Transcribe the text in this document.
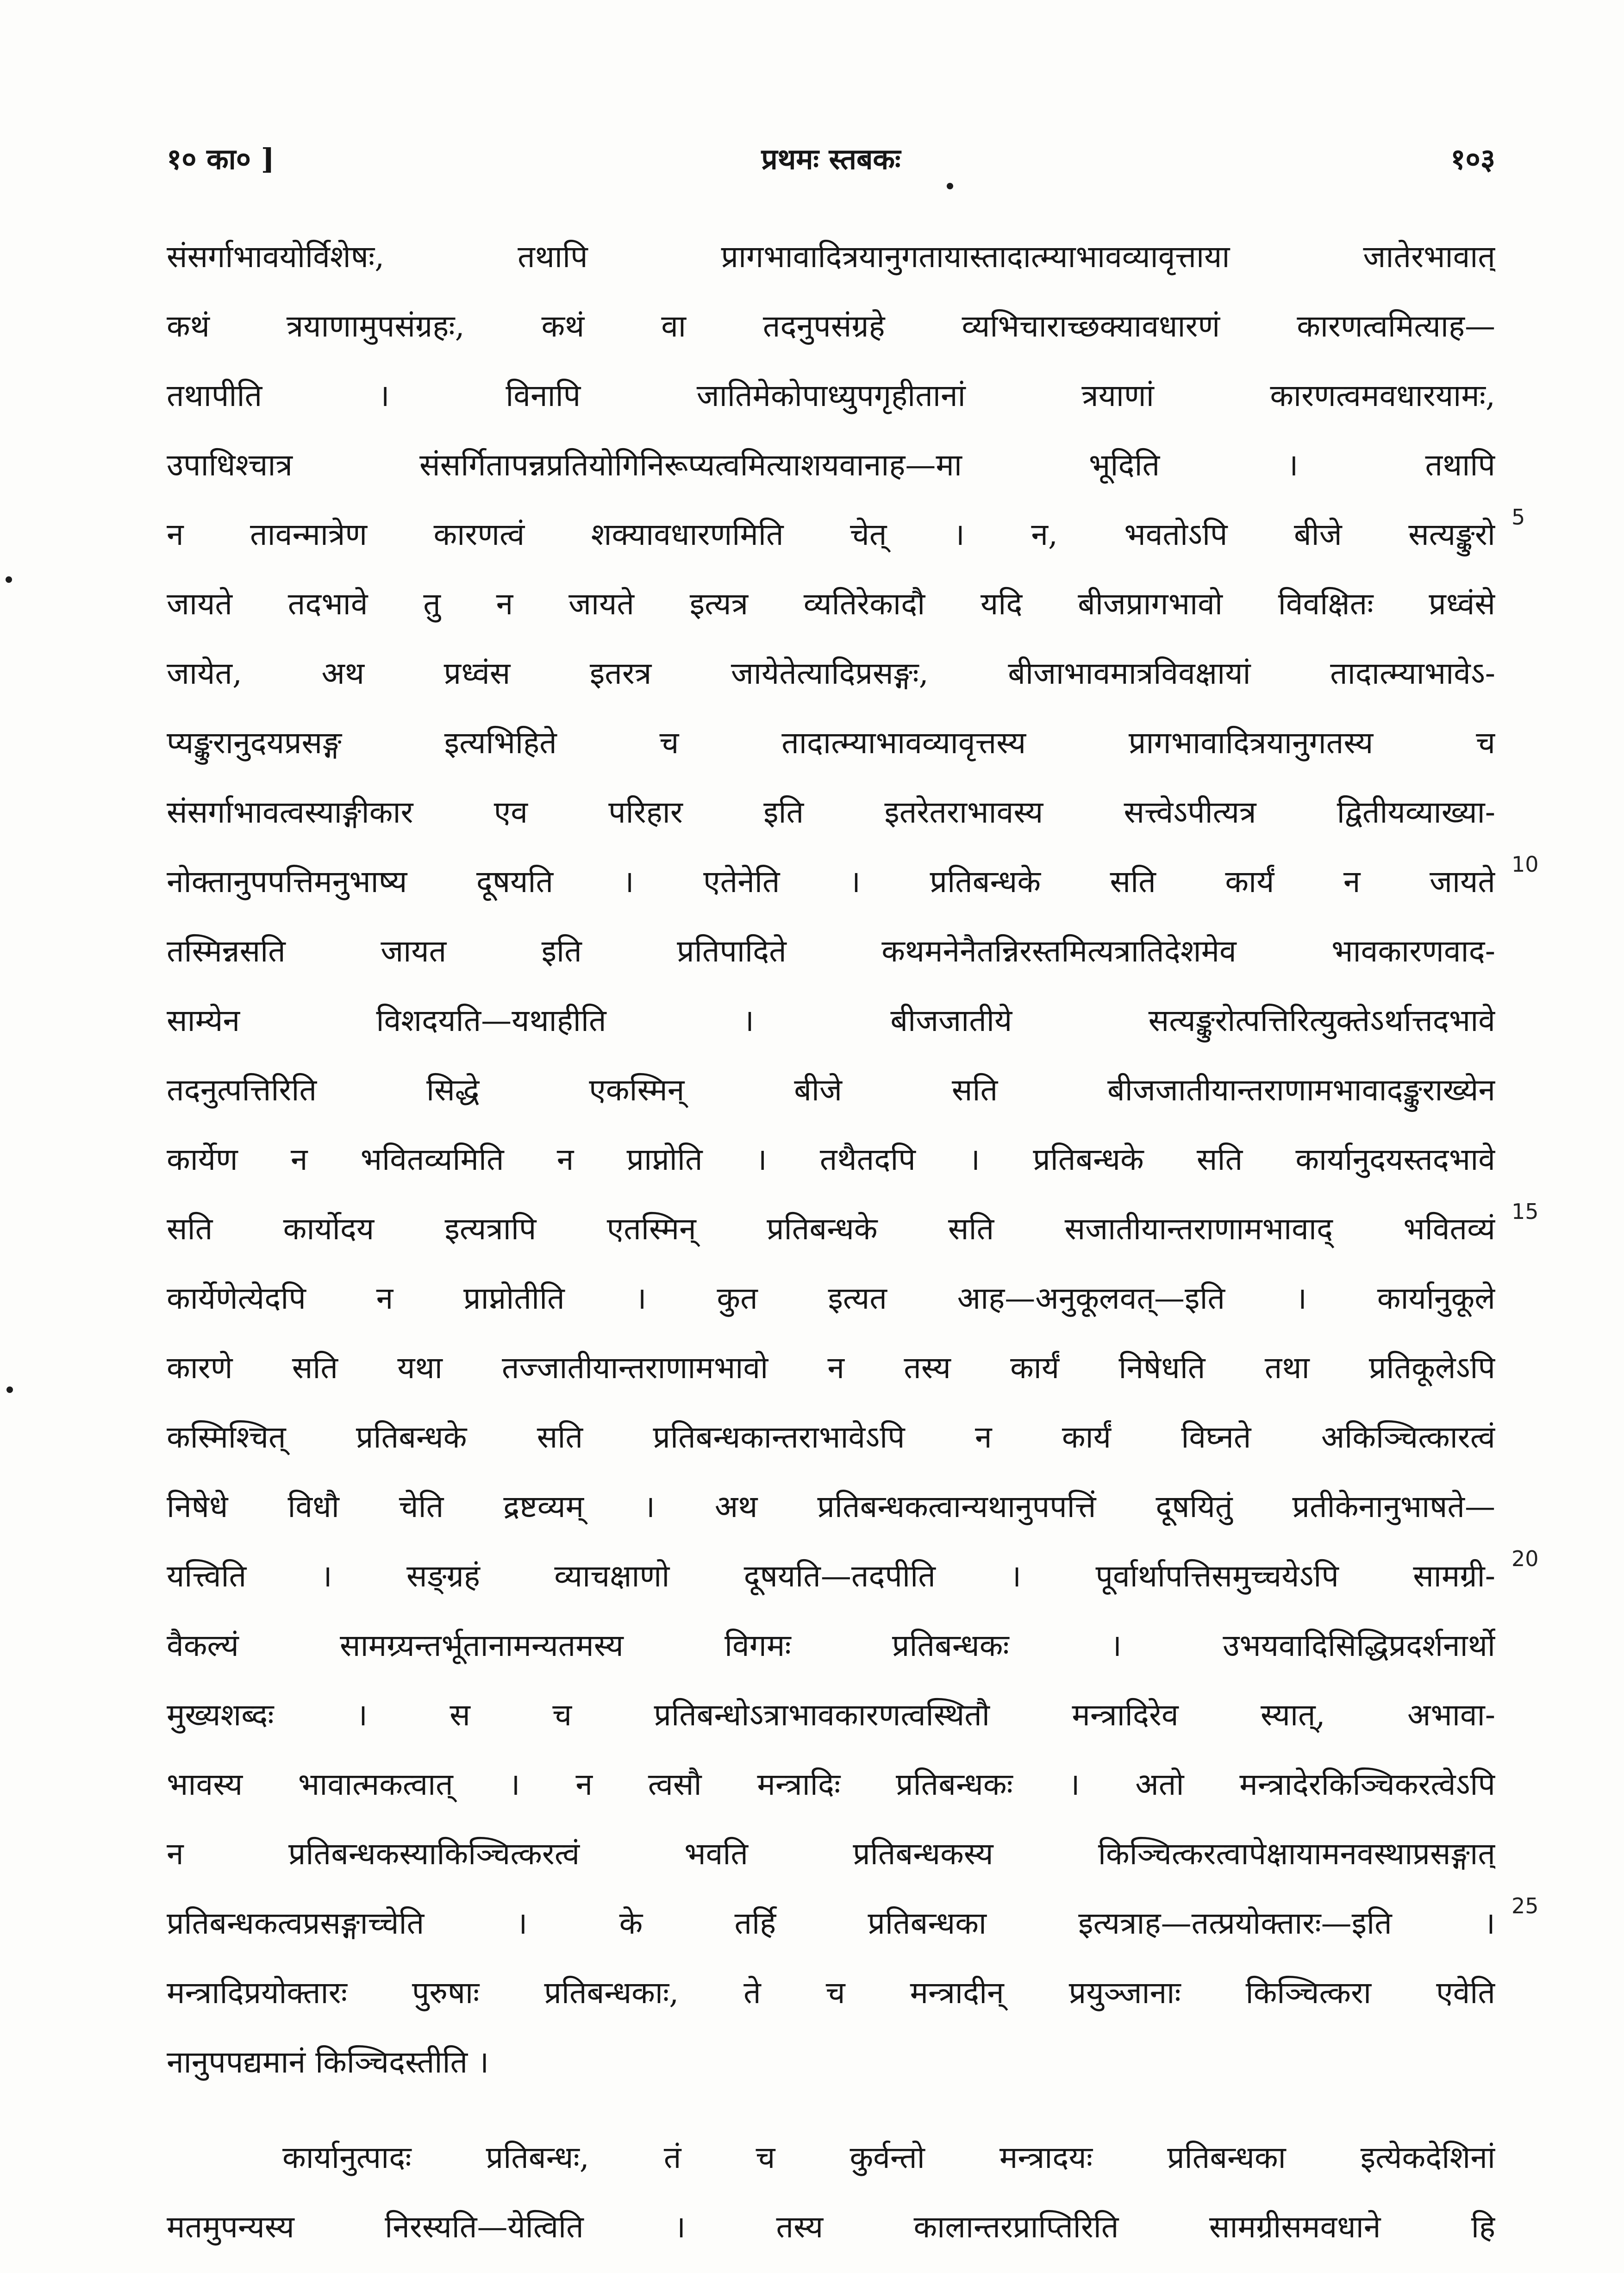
१० का० ]	प्रथमः स्तबकः	१०३
संसर्गाभावयोर्विशेषः, तथापि प्रागभावादित्रयानुगतायास्तादात्म्याभावव्यावृत्ताया जातेरभावात्
कथं त्रयाणामुपसंग्रहः, कथं वा तदनुपसंग्रहे व्यभिचाराच्छक्यावधारणं कारणत्वमित्याह—
तथापीति । विनापि जातिमेकोपाध्युपगृहीतानां त्रयाणां कारणत्वमवधारयामः,
उपाधिश्चात्र संसर्गितापन्नप्रतियोगिनिरूप्यत्वमित्याशयवानाह—मा भूदिति । तथापि
न तावन्मात्रेण कारणत्वं शक्यावधारणमिति चेत् । न, भवतोऽपि बीजे सत्यङ्कुरो
जायते तदभावे तु न जायते इत्यत्र व्यतिरेकादौ यदि बीजप्रागभावो विवक्षितः प्रध्वंसे
जायेत, अथ प्रध्वंस इतरत्र जायेतेत्यादिप्रसङ्गः, बीजाभावमात्रविवक्षायां तादात्म्याभावेऽ-
प्यङ्कुरानुदयप्रसङ्ग इत्यभिहिते च तादात्म्याभावव्यावृत्तस्य प्रागभावादित्रयानुगतस्य च
संसर्गाभावत्वस्याङ्गीकार एव परिहार इति इतरेतराभावस्य सत्त्वेऽपीत्यत्र द्वितीयव्याख्या-
नोक्तानुपपत्तिमनुभाष्य दूषयति । एतेनेति । प्रतिबन्धके सति कार्यं न जायते
तस्मिन्नसति जायत इति प्रतिपादिते कथमनेनैतन्निरस्तमित्यत्रातिदेशमेव भावकारणवाद-
साम्येन विशदयति—यथाहीति । बीजजातीये सत्यङ्कुरोत्पत्तिरित्युक्तेऽर्थात्तदभावे
तदनुत्पत्तिरिति सिद्धे एकस्मिन् बीजे सति बीजजातीयान्तराणामभावादङ्कुराख्येन
कार्येण न भवितव्यमिति न प्राप्नोति । तथैतदपि । प्रतिबन्धके सति कार्यानुदयस्तदभावे
सति कार्योदय इत्यत्रापि एतस्मिन् प्रतिबन्धके सति सजातीयान्तराणामभावाद् भवितव्यं
कार्येणेत्येदपि न प्राप्नोतीति । कुत इत्यत आह—अनुकूलवत्—इति । कार्यानुकूले
कारणे सति यथा तज्जातीयान्तराणामभावो न तस्य कार्यं निषेधति तथा प्रतिकूलेऽपि
कस्मिश्चित् प्रतिबन्धके सति प्रतिबन्धकान्तराभावेऽपि न कार्यं विघ्नते अकिञ्चित्कारत्वं
निषेधे विधौ चेति द्रष्टव्यम् । अथ प्रतिबन्धकत्वान्यथानुपपत्तिं दूषयितुं प्रतीकेनानुभाषते—
यत्त्विति । सङ्ग्रहं व्याचक्षाणो दूषयति—तदपीति । पूर्वार्थापत्तिसमुच्चयेऽपि सामग्री-
वैकल्यं सामग्र्यन्तर्भूतानामन्यतमस्य विगमः प्रतिबन्धकः । उभयवादिसिद्धिप्रदर्शनार्थो
मुख्यशब्दः । स च प्रतिबन्धोऽत्राभावकारणत्वस्थितौ मन्त्रादिरेव स्यात्, अभावा-
भावस्य भावात्मकत्वात् । न त्वसौ मन्त्रादिः प्रतिबन्धकः । अतो मन्त्रादेरकिञ्चिकरत्वेऽपि
न प्रतिबन्धकस्याकिञ्चित्करत्वं भवति प्रतिबन्धकस्य किञ्चित्करत्वापेक्षायामनवस्थाप्रसङ्गात्
प्रतिबन्धकत्वप्रसङ्गाच्चेति । के तर्हि प्रतिबन्धका इत्यत्राह—तत्प्रयोक्तारः—इति ।
मन्त्रादिप्रयोक्तारः पुरुषाः प्रतिबन्धकाः, ते च मन्त्रादीन् प्रयुञ्जानाः किञ्चित्करा एवेति
नानुपपद्यमानं किञ्चिदस्तीति ।
कार्यानुत्पादः प्रतिबन्धः, तं च कुर्वन्तो मन्त्रादयः प्रतिबन्धका इत्येकदेशिनां
मतमुपन्यस्य निरस्यति—येत्विति । तस्य कालान्तरप्राप्तिरिति सामग्रीसमवधाने हि
5
10
15
20
25
